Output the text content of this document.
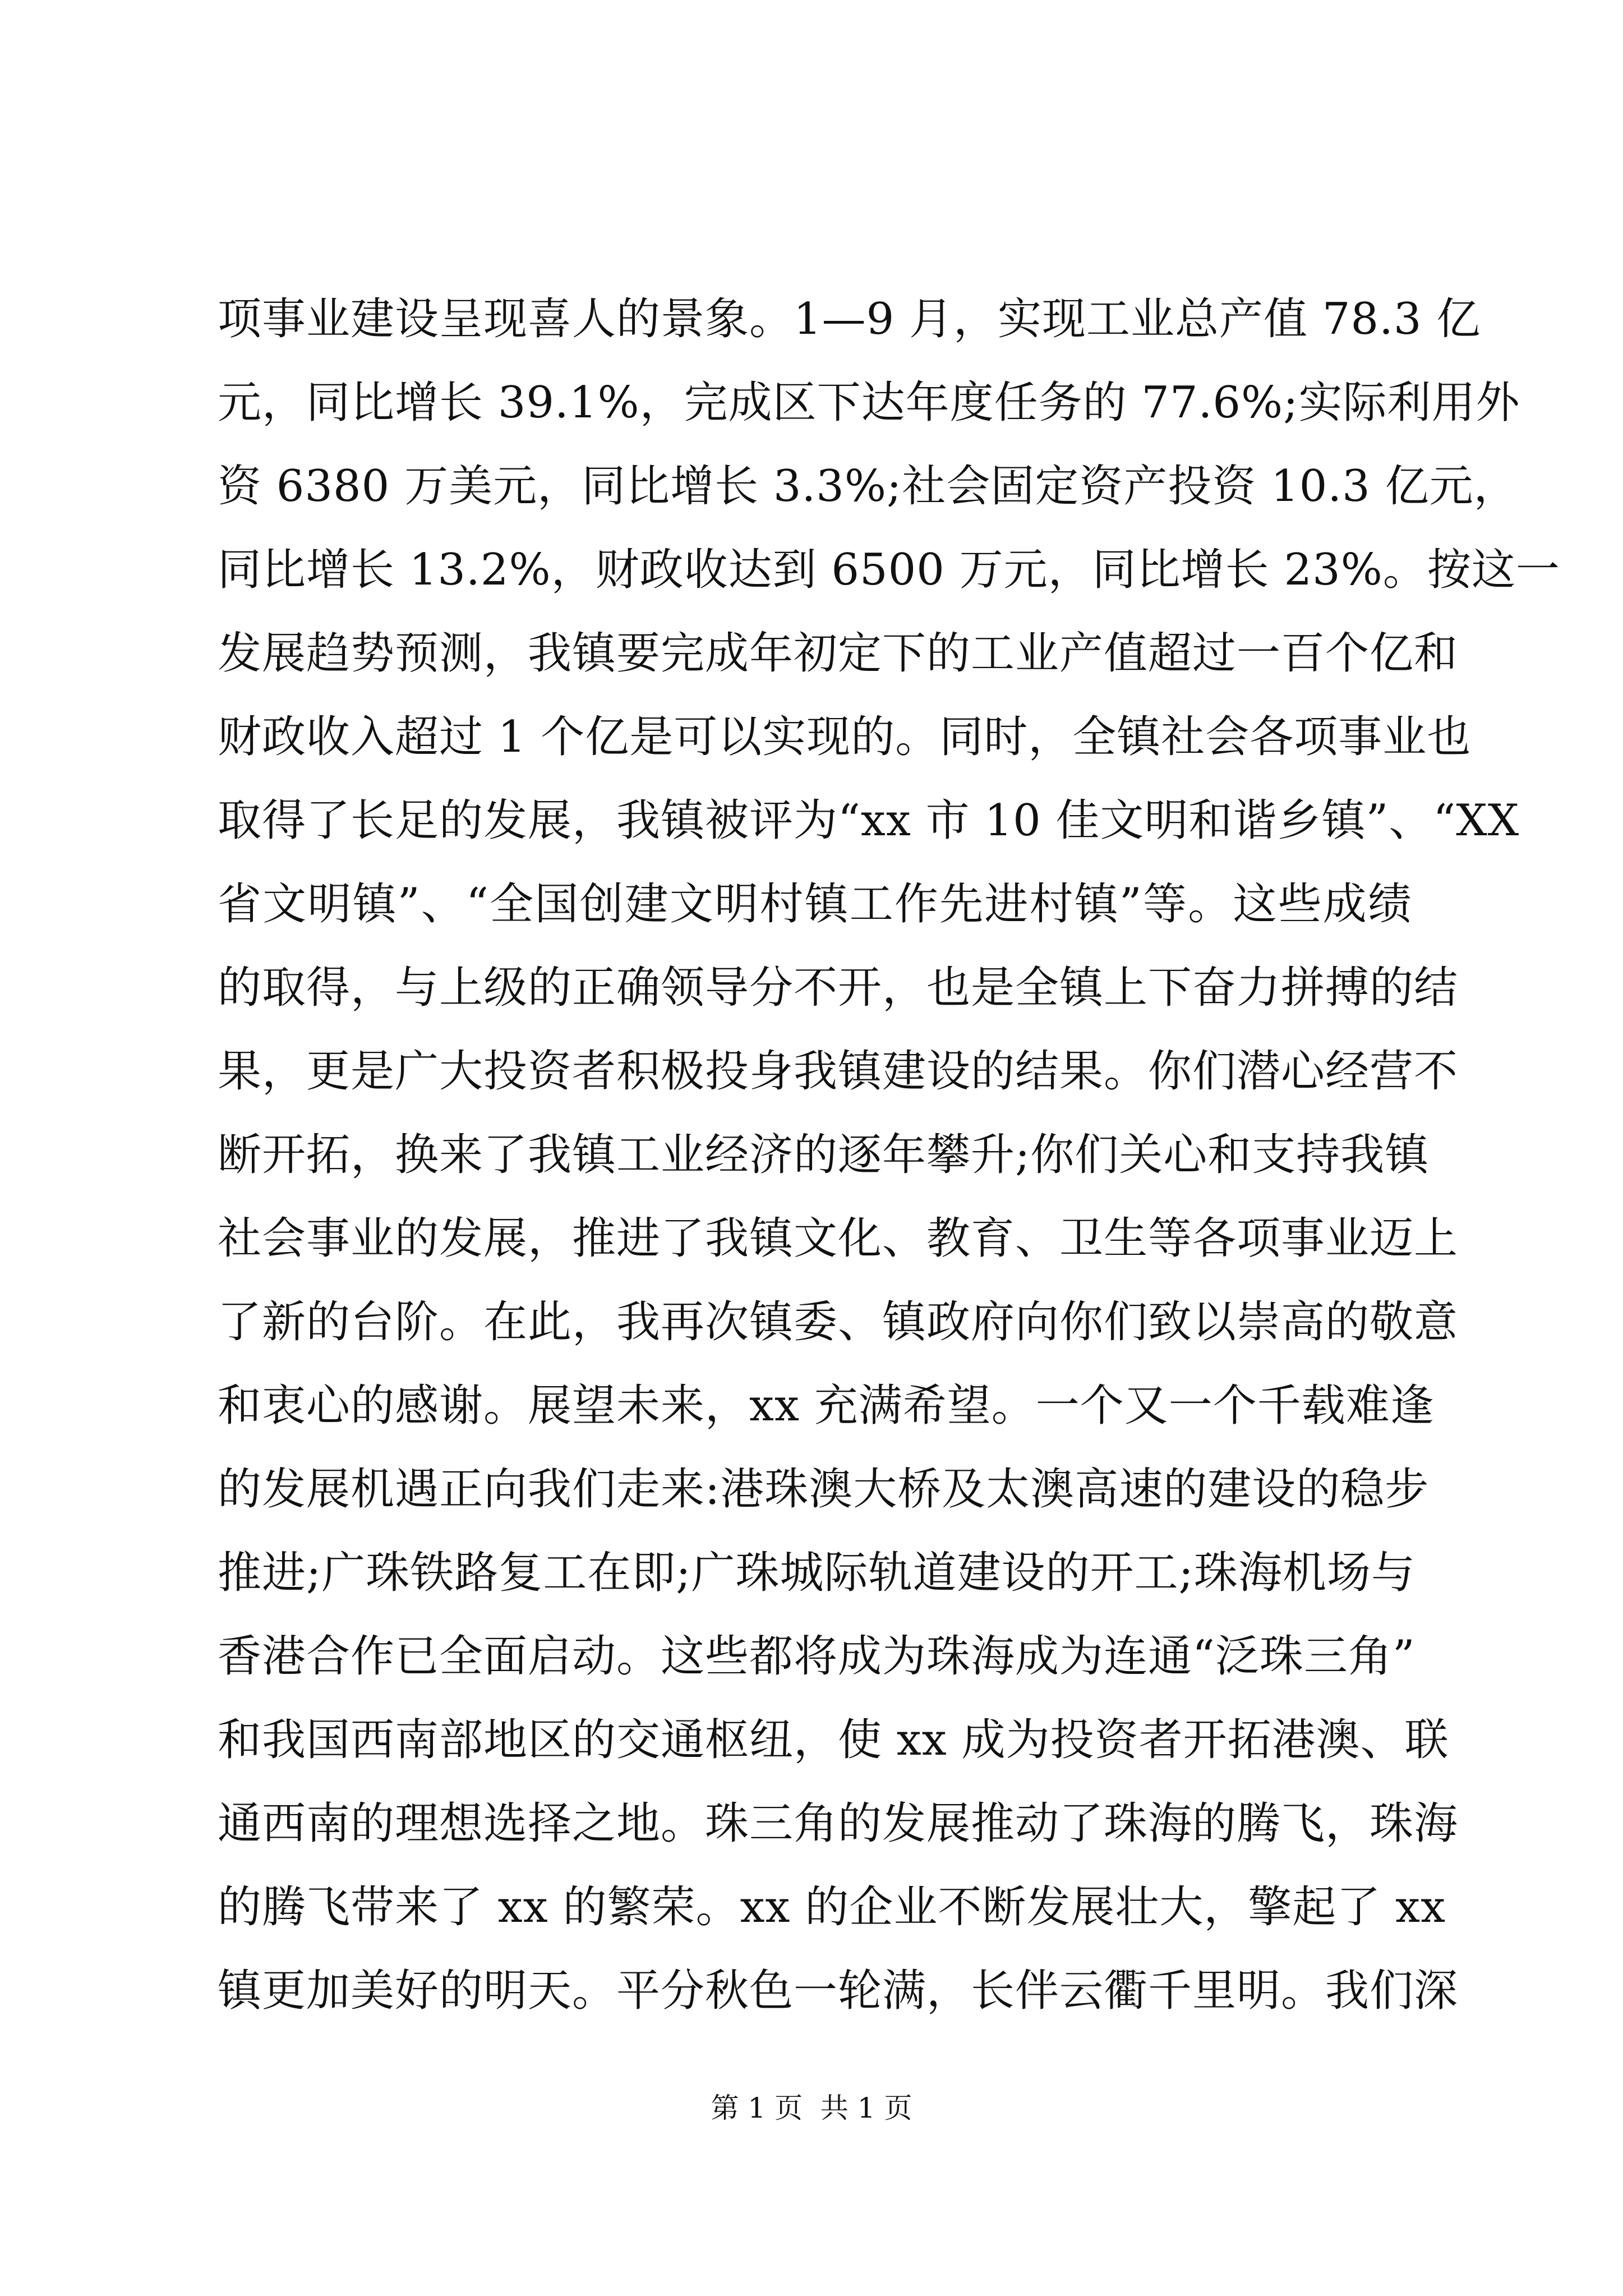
项事业建设呈现喜人的景象。1—9 月，实现工业总产值 78.3 亿
元，同比增长 39.1%，完成区下达年度任务的 77.6%;实际利用外
资 6380 万美元，同比增长 3.3%;社会固定资产投资 10.3 亿元，
同比增长 13.2%，财政收达到 6500 万元，同比增长 23%。按这一
发展趋势预测，我镇要完成年初定下的工业产值超过一百个亿和
财政收入超过 1 个亿是可以实现的。同时，全镇社会各项事业也
取得了长足的发展，我镇被评为“xx 市 10 佳文明和谐乡镇”、“XX
省文明镇”、“全国创建文明村镇工作先进村镇”等。这些成绩
的取得，与上级的正确领导分不开，也是全镇上下奋力拼搏的结
果，更是广大投资者积极投身我镇建设的结果。你们潜心经营不
断开拓，换来了我镇工业经济的逐年攀升;你们关心和支持我镇
社会事业的发展，推进了我镇文化、教育、卫生等各项事业迈上
了新的台阶。在此，我再次镇委、镇政府向你们致以崇高的敬意
和衷心的感谢。展望未来，xx 充满希望。一个又一个千载难逢
的发展机遇正向我们走来:港珠澳大桥及太澳高速的建设的稳步
推进;广珠铁路复工在即;广珠城际轨道建设的开工;珠海机场与
香港合作已全面启动。这些都将成为珠海成为连通“泛珠三角”
和我国西南部地区的交通枢纽，使 xx 成为投资者开拓港澳、联
通西南的理想选择之地。珠三角的发展推动了珠海的腾飞，珠海
的腾飞带来了 xx 的繁荣。xx 的企业不断发展壮大，擎起了 xx
镇更加美好的明天。平分秋色一轮满，长伴云衢千里明。我们深
第 1 页  共 1 页
